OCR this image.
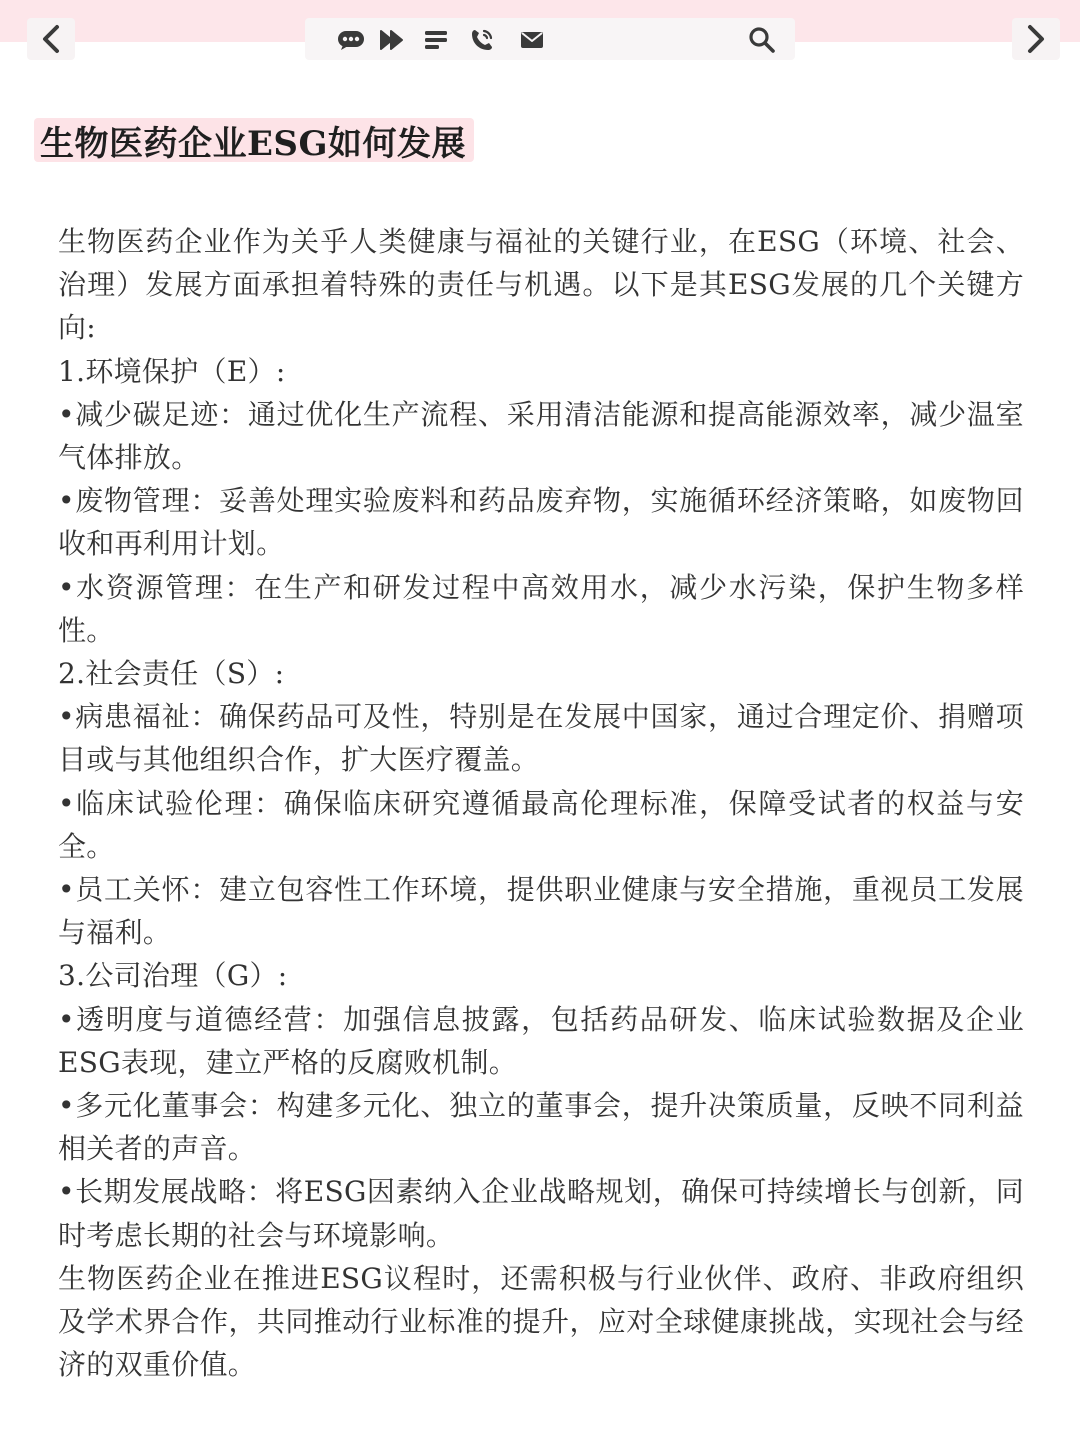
生物医药企业ESG如何发展

生物医药企业作为关乎人类健康与福祉的关键行业，在ESG（环境、社会、治理）发展方面承担着特殊的责任与机遇。以下是其ESG发展的几个关键方向:

1.环境保护（E）:

•减少碳足迹：通过优化生产流程、采用清洁能源和提高能源效率，减少温室气体排放。

•废物管理：妥善处理实验废料和药品废弃物，实施循环经济策略，如废物回收和再利用计划。

•水资源管理：在生产和研发过程中高效用水，减少水污染，保护生物多样性。

2.社会责任（S）:

•病患福祉：确保药品可及性，特别是在发展中国家，通过合理定价、捐赠项目或与其他组织合作，扩大医疗覆盖。

•临床试验伦理：确保临床研究遵循最高伦理标准，保障受试者的权益与安全。

•员工关怀：建立包容性工作环境，提供职业健康与安全措施，重视员工发展与福利。

3.公司治理（G）:

•透明度与道德经营：加强信息披露，包括药品研发、临床试验数据及企业ESG表现，建立严格的反腐败机制。

•多元化董事会：构建多元化、独立的董事会，提升决策质量，反映不同利益相关者的声音。

•长期发展战略：将ESG因素纳入企业战略规划，确保可持续增长与创新，同时考虑长期的社会与环境影响。

生物医药企业在推进ESG议程时，还需积极与行业伙伴、政府、非政府组织及学术界合作，共同推动行业标准的提升，应对全球健康挑战，实现社会与经济的双重价值。
